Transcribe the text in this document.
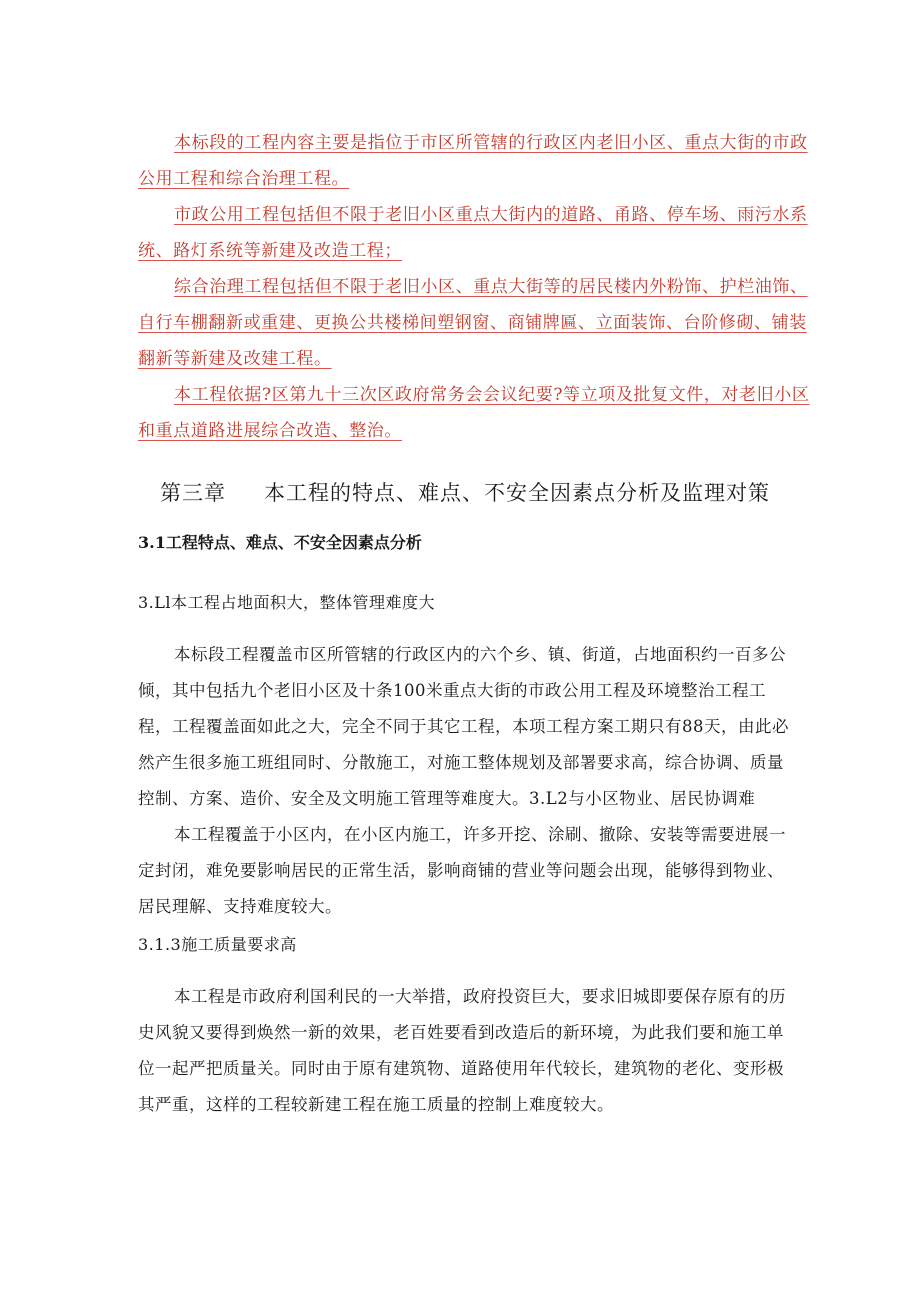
本标段的工程内容主要是指位于市区所管辖的行政区内老旧小区、重点大街的市政公用工程和综合治理工程。

市政公用工程包括但不限于老旧小区重点大街内的道路、甬路、停车场、雨污水系统、路灯系统等新建及改造工程；

综合治理工程包括但不限于老旧小区、重点大街等的居民楼内外粉饰、护栏油饰、自行车棚翻新或重建、更换公共楼梯间塑钢窗、商铺牌匾、立面装饰、台阶修砌、铺装翻新等新建及改建工程。

本工程依据?区第九十三次区政府常务会会议纪要?等立项及批复文件，对老旧小区和重点道路进展综合改造、整治。

第三章 本工程的特点、难点、不安全因素点分析及监理对策
3.1工程特点、难点、不安全因素点分析
3.Ll本工程占地面积大，整体管理难度大

本标段工程覆盖市区所管辖的行政区内的六个乡、镇、街道，占地面积约一百多公倾，其中包括九个老旧小区及十条100米重点大街的市政公用工程及环境整治工程工程，工程覆盖面如此之大，完全不同于其它工程，本项工程方案工期只有88天，由此必然产生很多施工班组同时、分散施工，对施工整体规划及部署要求高，综合协调、质量控制、方案、造价、安全及文明施工管理等难度大。3.L2与小区物业、居民协调难

本工程覆盖于小区内，在小区内施工，许多开挖、涂刷、撤除、安装等需要进展一定封闭，难免要影响居民的正常生活，影响商铺的营业等问题会出现，能够得到物业、居民理解、支持难度较大。

3.1.3施工质量要求高

本工程是市政府利国利民的一大举措，政府投资巨大，要求旧城即要保存原有的历史风貌又要得到焕然一新的效果，老百姓要看到改造后的新环境，为此我们要和施工单位一起严把质量关。同时由于原有建筑物、道路使用年代较长，建筑物的老化、变形极其严重，这样的工程较新建工程在施工质量的控制上难度较大。
